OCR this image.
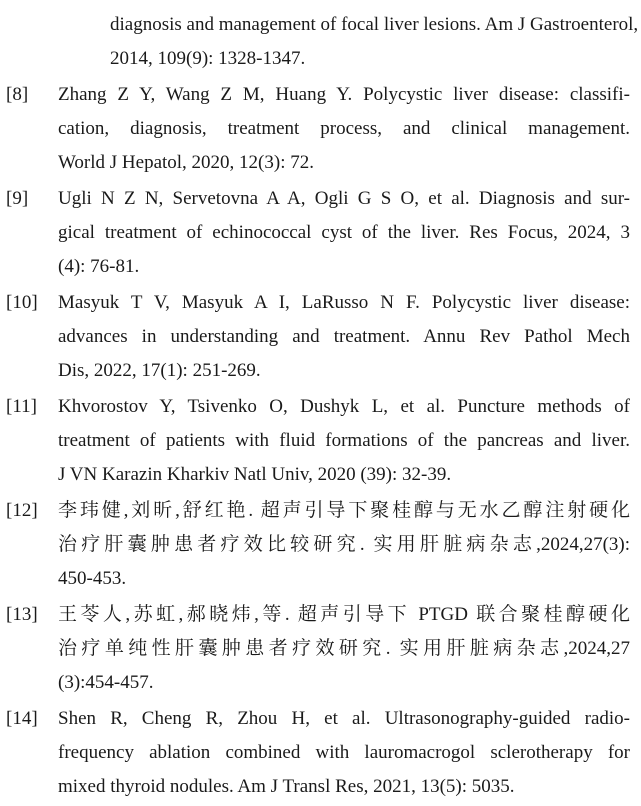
diagnosis and management of focal liver lesions. Am J Gastroenterol,
2014, 109(9): 1328-1347.
[8]	Zhang Z Y, Wang Z M, Huang Y. Polycystic liver disease: classifi-
cation, diagnosis, treatment process, and clinical management.
World J Hepatol, 2020, 12(3): 72.
[9]	Ugli N Z N, Servetovna A A, Ogli G S O, et al. Diagnosis and sur-
gical treatment of echinococcal cyst of the liver. Res Focus, 2024, 3
(4): 76-81.
[10]	Masyuk T V, Masyuk A I, LaRusso N F. Polycystic liver disease:
advances in understanding and treatment. Annu Rev Pathol Mech
Dis, 2022, 17(1): 251-269.
[11]	Khvorostov Y, Tsivenko O, Dushyk L, et al. Puncture methods of
treatment of patients with fluid formations of the pancreas and liver.
J VN Karazin Kharkiv Natl Univ, 2020 (39): 32-39.
[12]	李玮健,刘昕,舒红艳. 超声引导下聚桂醇与无水乙醇注射硬化
治疗肝囊肿患者疗效比较研究. 实用肝脏病杂志,2024,27(3):
450-453.
[13]	王苓人,苏虹,郝晓炜,等. 超声引导下 PTGD 联合聚桂醇硬化
治疗单纯性肝囊肿患者疗效研究. 实用肝脏病杂志,2024,27
(3):454-457.
[14]	Shen R, Cheng R, Zhou H, et al. Ultrasonography-guided radio-
frequency ablation combined with lauromacrogol sclerotherapy for
mixed thyroid nodules. Am J Transl Res, 2021, 13(5): 5035.
